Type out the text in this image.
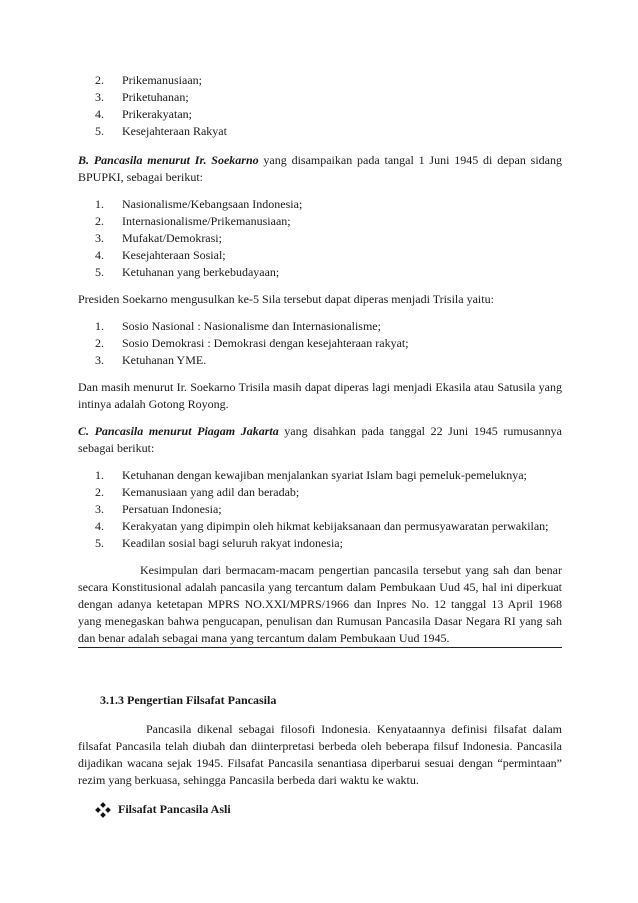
2.	Prikemanusiaan;
3.	Priketuhanan;
4.	Prikerakyatan;
5.	Kesejahteraan Rakyat

B. Pancasila menurut Ir. Soekarno yang disampaikan pada tangal 1 Juni 1945 di depan sidang BPUPKI, sebagai berikut:

1.	Nasionalisme/Kebangsaan Indonesia;
2.	Internasionalisme/Prikemanusiaan;
3.	Mufakat/Demokrasi;
4.	Kesejahteraan Sosial;
5.	Ketuhanan yang berkebudayaan;

Presiden Soekarno mengusulkan ke-5 Sila tersebut dapat diperas menjadi Trisila yaitu:

1.	Sosio Nasional : Nasionalisme dan Internasionalisme;
2.	Sosio Demokrasi : Demokrasi dengan kesejahteraan rakyat;
3.	Ketuhanan YME.

Dan masih menurut Ir. Soekarno Trisila masih dapat diperas lagi menjadi Ekasila atau Satusila yang intinya adalah Gotong Royong.

C. Pancasila menurut Piagam Jakarta yang disahkan pada tanggal 22 Juni 1945 rumusannya sebagai berikut:

1.	Ketuhanan dengan kewajiban menjalankan syariat Islam bagi pemeluk-pemeluknya;
2.	Kemanusiaan yang adil dan beradab;
3.	Persatuan Indonesia;
4.	Kerakyatan yang dipimpin oleh hikmat kebijaksanaan dan permusyawaratan perwakilan;
5.	Keadilan sosial bagi seluruh rakyat indonesia;

Kesimpulan dari bermacam-macam pengertian pancasila tersebut yang sah dan benar secara Konstitusional adalah pancasila yang tercantum dalam Pembukaan Uud 45, hal ini diperkuat dengan adanya ketetapan MPRS NO.XXI/MPRS/1966 dan Inpres No. 12 tanggal 13 April 1968 yang menegaskan bahwa pengucapan, penulisan dan Rumusan Pancasila Dasar Negara RI yang sah dan benar adalah sebagai mana yang tercantum dalam Pembukaan Uud 1945.

3.1.3 Pengertian Filsafat Pancasila

Pancasila dikenal sebagai filosofi Indonesia. Kenyataannya definisi filsafat dalam filsafat Pancasila telah diubah dan diinterpretasi berbeda oleh beberapa filsuf Indonesia. Pancasila dijadikan wacana sejak 1945. Filsafat Pancasila senantiasa diperbarui sesuai dengan “permintaan” rezim yang berkuasa, sehingga Pancasila berbeda dari waktu ke waktu.

Filsafat Pancasila Asli
